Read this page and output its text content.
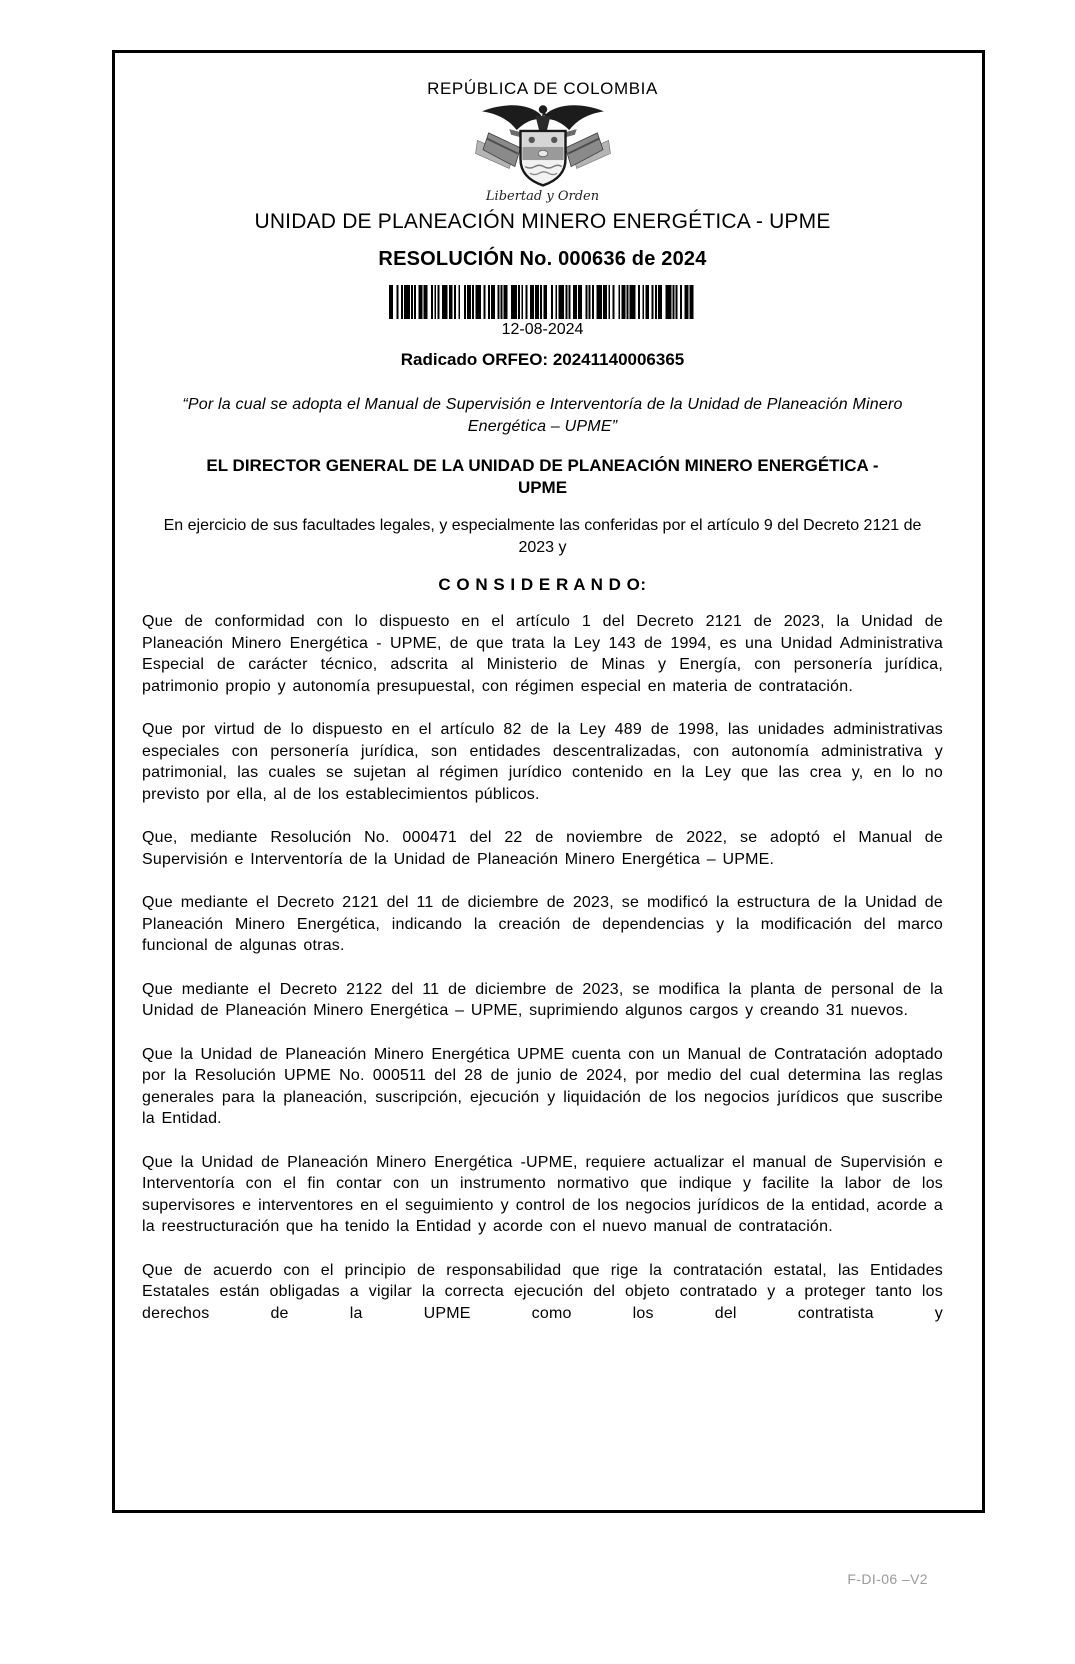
REPÚBLICA DE COLOMBIA
Libertad y Orden
UNIDAD DE PLANEACIÓN MINERO ENERGÉTICA - UPME
RESOLUCIÓN No. 000636 de 2024
12-08-2024
Radicado ORFEO: 20241140006365
“Por la cual se adopta el Manual de Supervisión e Interventoría de la Unidad de Planeación Minero Energética – UPME”
EL DIRECTOR GENERAL DE LA UNIDAD DE PLANEACIÓN MINERO ENERGÉTICA - UPME
En ejercicio de sus facultades legales, y especialmente las conferidas por el artículo 9 del Decreto 2121 de 2023 y
C O N S I D E R A N D O:

Que de conformidad con lo dispuesto en el artículo 1 del Decreto 2121 de 2023, la Unidad de Planeación Minero Energética - UPME, de que trata la Ley 143 de 1994, es una Unidad Administrativa Especial de carácter técnico, adscrita al Ministerio de Minas y Energía, con personería jurídica, patrimonio propio y autonomía presupuestal, con régimen especial en materia de contratación.

Que por virtud de lo dispuesto en el artículo 82 de la Ley 489 de 1998, las unidades administrativas especiales con personería jurídica, son entidades descentralizadas, con autonomía administrativa y patrimonial, las cuales se sujetan al régimen jurídico contenido en la Ley que las crea y, en lo no previsto por ella, al de los establecimientos públicos.

Que, mediante Resolución No. 000471 del 22 de noviembre de 2022, se adoptó el Manual de Supervisión e Interventoría de la Unidad de Planeación Minero Energética – UPME.

Que mediante el Decreto 2121 del 11 de diciembre de 2023, se modificó la estructura de la Unidad de Planeación Minero Energética, indicando la creación de dependencias y la modificación del marco funcional de algunas otras.

Que mediante el Decreto 2122 del 11 de diciembre de 2023, se modifica la planta de personal de la Unidad de Planeación Minero Energética – UPME, suprimiendo algunos cargos y creando 31 nuevos.

Que la Unidad de Planeación Minero Energética UPME cuenta con un Manual de Contratación adoptado por la Resolución UPME No. 000511 del 28 de junio de 2024, por medio del cual determina las reglas generales para la planeación, suscripción, ejecución y liquidación de los negocios jurídicos que suscribe la Entidad.

Que la Unidad de Planeación Minero Energética -UPME, requiere actualizar el manual de Supervisión e Interventoría con el fin contar con un instrumento normativo que indique y facilite la labor de los supervisores e interventores en el seguimiento y control de los negocios jurídicos de la entidad, acorde a la reestructuración que ha tenido la Entidad y acorde con el nuevo manual de contratación.

Que de acuerdo con el principio de responsabilidad que rige la contratación estatal, las Entidades Estatales están obligadas a vigilar la correcta ejecución del objeto contratado y a proteger tanto los derechos de la UPME como los del contratista y

F-DI-06 –V2
